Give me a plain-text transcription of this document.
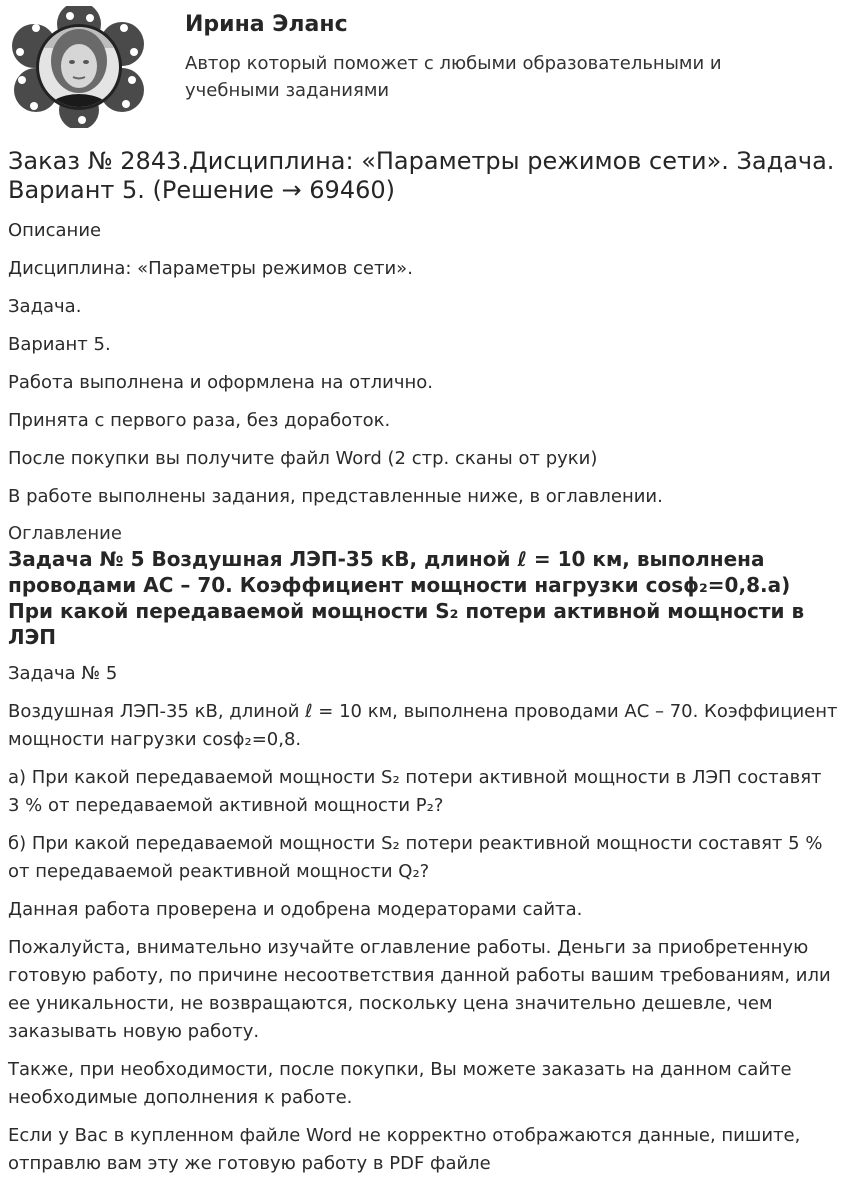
Ирина Эланс

Автор который поможет с любыми образовательными и учебными заданиями

Заказ № 2843.Дисциплина: «Параметры режимов сети». Задача. Вариант 5. (Решение → 69460)

Описание

Дисциплина: «Параметры режимов сети».

Задача.

Вариант 5.

Работа выполнена и оформлена на отлично.

Принята с первого раза, без доработок.

После покупки вы получите файл Word (2 стр. сканы от руки)

В работе выполнены задания, представленные ниже, в оглавлении.

Оглавление

Задача № 5 Воздушная ЛЭП-35 кВ, длиной ℓ = 10 км, выполнена проводами АС – 70. Коэффициент мощности нагрузки cosϕ₂=0,8.а) При какой передаваемой мощности S₂ потери активной мощности в ЛЭП

Задача № 5

Воздушная ЛЭП-35 кВ, длиной ℓ = 10 км, выполнена проводами АС – 70. Коэффициент мощности нагрузки cosϕ₂=0,8.

а) При какой передаваемой мощности S₂ потери активной мощности в ЛЭП составят 3 % от передаваемой активной мощности P₂?

б) При какой передаваемой мощности S₂ потери реактивной мощности составят 5 % от передаваемой реактивной мощности Q₂?

Данная работа проверена и одобрена модераторами сайта.

Пожалуйста, внимательно изучайте оглавление работы. Деньги за приобретенную готовую работу, по причине несоответствия данной работы вашим требованиям, или ее уникальности, не возвращаются, поскольку цена значительно дешевле, чем заказывать новую работу.

Также, при необходимости, после покупки, Вы можете заказать на данном сайте необходимые дополнения к работе.

Если у Вас в купленном файле Word не корректно отображаются данные, пишите, отправлю вам эту же готовую работу в PDF файле
